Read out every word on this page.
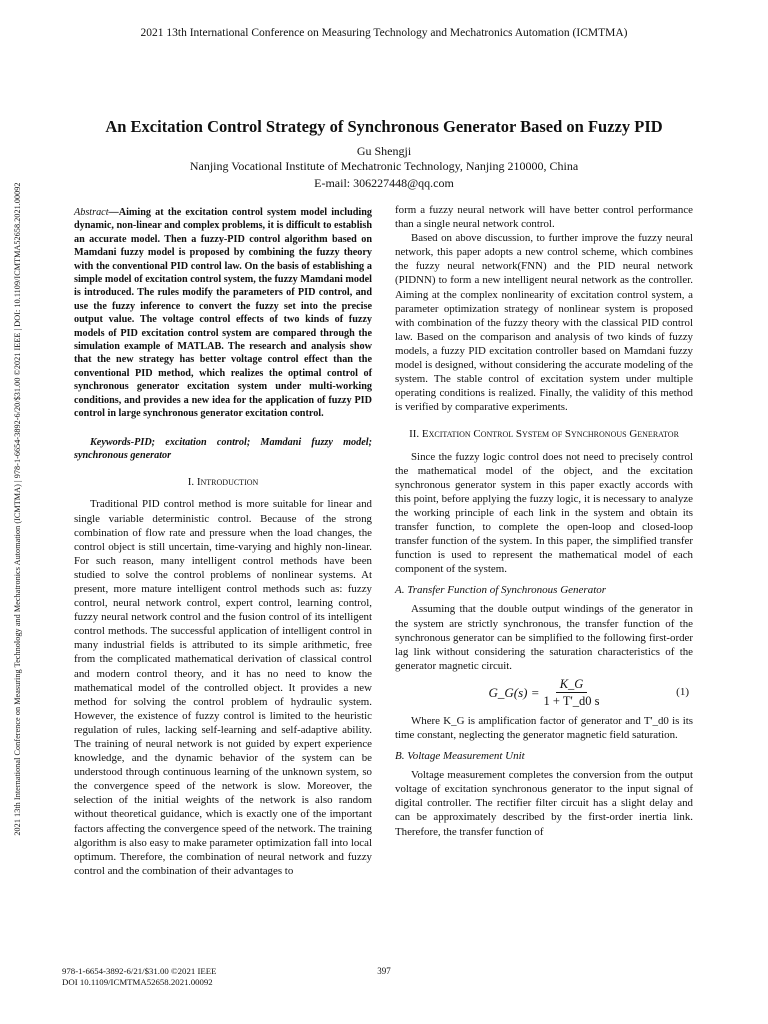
2021 13th International Conference on Measuring Technology and Mechatronics Automation (ICMTMA)
2021 13th International Conference on Measuring Technology and Mechatronics Automation (ICMTMA) | 978-1-6654-3892-6/20/$31.00 ©2021 IEEE | DOI: 10.1109/ICMTMA52658.2021.00092
An Excitation Control Strategy of Synchronous Generator Based on Fuzzy PID
Gu Shengji
Nanjing Vocational Institute of Mechatronic Technology, Nanjing 210000, China
E-mail: 306227448@qq.com

Abstract—Aiming at the excitation control system model including dynamic, non-linear and complex problems, it is difficult to establish an accurate model. Then a fuzzy-PID control algorithm based on Mamdani fuzzy model is proposed by combining the fuzzy theory with the conventional PID control law. On the basis of establishing a simple model of excitation control system, the fuzzy Mamdani model is introduced. The rules modify the parameters of PID control, and use the fuzzy inference to convert the fuzzy set into the precise output value. The voltage control effects of two kinds of fuzzy models of PID excitation control system are compared through the simulation example of MATLAB. The research and analysis show that the new strategy has better voltage control effect than the conventional PID method, which realizes the optimal control of synchronous generator excitation system under multi-working conditions, and provides a new idea for the application of fuzzy PID control in large synchronous generator excitation control.

Keywords-PID; excitation control; Mamdani fuzzy model; synchronous generator

I. Introduction

Traditional PID control method is more suitable for linear and single variable deterministic control. Because of the strong combination of flow rate and pressure when the load changes, the control object is still uncertain, time-varying and highly non-linear. For such reason, many intelligent control methods have been studied to solve the control problems of nonlinear systems. At present, more mature intelligent control methods such as: fuzzy control, neural network control, expert control, learning control, fuzzy neural network control and the fusion control of its intelligent control methods. The successful application of intelligent control in many industrial fields is attributed to its simple arithmetic, free from the complicated mathematical derivation of classical control and modern control theory, and it has no need to know the mathematical model of the controlled object. It provides a new method for solving the control problem of hydraulic system. However, the existence of fuzzy control is limited to the heuristic regulation of rules, lacking self-learning and self-adaptive ability. The training of neural network is not guided by expert experience knowledge, and the dynamic behavior of the system can be understood through continuous learning of the unknown system, so the convergence speed of the network is slow. Moreover, the selection of the initial weights of the network is also random without theoretical guidance, which is exactly one of the important factors affecting the convergence speed of the network. The training algorithm is also easy to make parameter optimization fall into local optimum. Therefore, the combination of neural network and fuzzy control and the combination of their advantages to

form a fuzzy neural network will have better control performance than a single neural network control.

Based on above discussion, to further improve the fuzzy neural network, this paper adopts a new control scheme, which combines the fuzzy neural network(FNN) and the PID neural network (PIDNN) to form a new intelligent neural network as the controller. Aiming at the complex nonlinearity of excitation control system, a parameter optimization strategy of nonlinear system is proposed with combination of the fuzzy theory with the classical PID control law. Based on the comparison and analysis of two kinds of fuzzy models, a fuzzy PID excitation controller based on Mamdani fuzzy model is designed, without considering the accurate modeling of the system. The stable control of excitation system under multiple operating conditions is realized. Finally, the validity of this method is verified by comparative experiments.

II. Excitation Control System of Synchronous Generator

Since the fuzzy logic control does not need to precisely control the mathematical model of the object, and the excitation synchronous generator system in this paper exactly accords with this point, before applying the fuzzy logic, it is necessary to analyze the working principle of each link in the system and obtain its transfer function, to complete the open-loop and closed-loop transfer function of the system. In this paper, the simplified transfer function is used to represent the mathematical model of each component of the system.

A. Transfer Function of Synchronous Generator

Assuming that the double output windings of the generator in the system are strictly synchronous, the transfer function of the synchronous generator can be simplified to the following first-order lag link without considering the saturation characteristics of the generator magnetic circuit.

G_G(s) = $\frac{K\_G}{1 + T'\_d0 s}$	(1)

Where K_G is amplification factor of generator and T'_d0 is its time constant, neglecting the generator magnetic field saturation.

B. Voltage Measurement Unit

Voltage measurement completes the conversion from the output voltage of excitation synchronous generator to the input signal of digital controller. The rectifier filter circuit has a slight delay and can be approximately described by the first-order inertia link. Therefore, the transfer function of

978-1-6654-3892-6/21/$31.00 ©2021 IEEE
DOI 10.1109/ICMTMA52658.2021.00092
397
